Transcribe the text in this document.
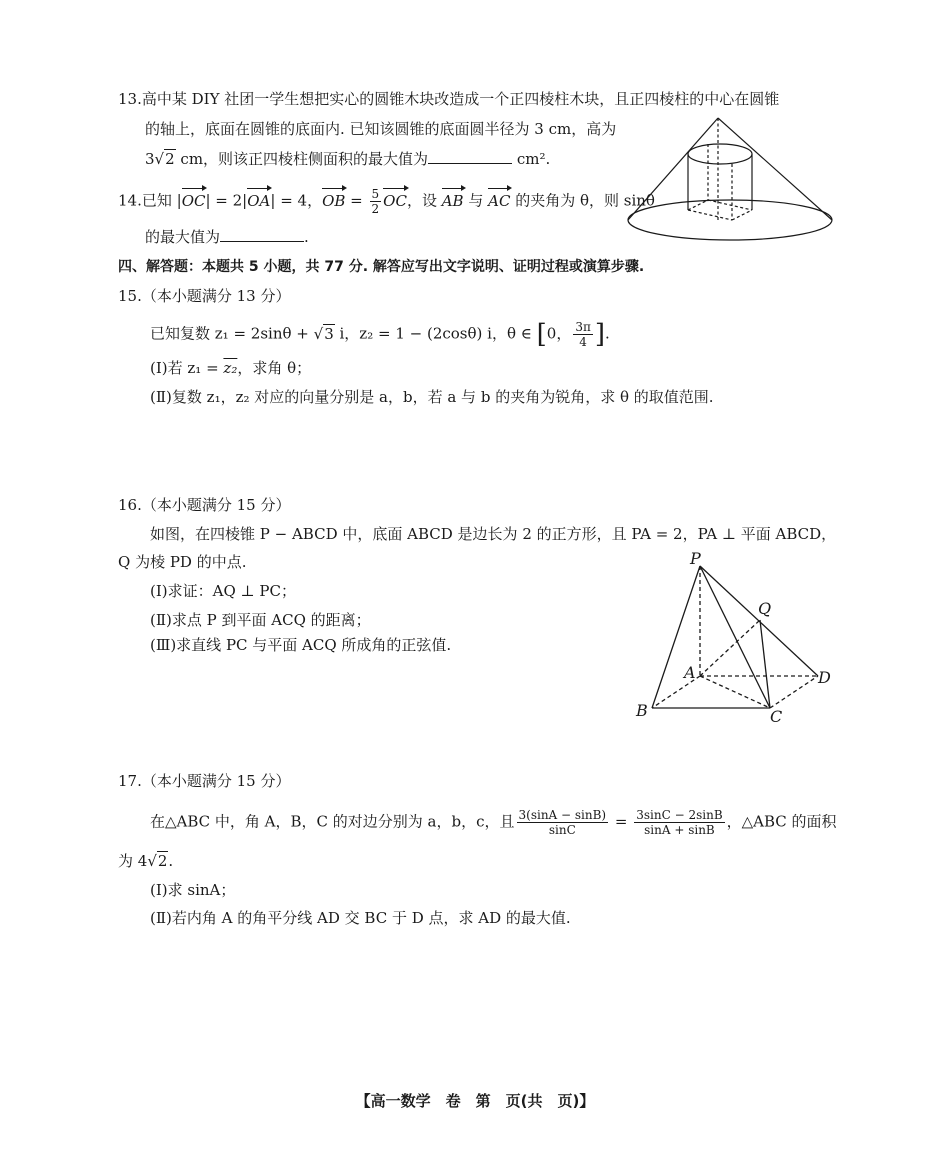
13.高中某 DIY 社团一学生想把实心的圆锥木块改造成一个正四棱柱木块，且正四棱柱的中心在圆锥
的轴上，底面在圆锥的底面内. 已知该圆锥的底面圆半径为 3 cm，高为
3√2 cm，则该正四棱柱侧面积的最大值为	cm².
14.已知 |OC| = 2|OA| = 4，OB = $\frac{5}{2}$ OC，设 AB 与 AC 的夹角为 θ，则 sinθ
的最大值为	.
四、解答题：本题共 5 小题，共 77 分. 解答应写出文字说明、证明过程或演算步骤.
15.（本小题满分 13 分）
已知复数 z₁ = 2sinθ + √3 i，z₂ = 1 − (2cosθ) i，θ ∈ [0， $\frac{3\pi}{4}$ ].
(Ⅰ)若 z₁ = z₂，求角 θ；
(Ⅱ)复数 z₁，z₂ 对应的向量分别是 a，b，若 a 与 b 的夹角为锐角，求 θ 的取值范围.
16.（本小题满分 15 分）
如图，在四棱锥 P − ABCD 中，底面 ABCD 是边长为 2 的正方形，且 PA = 2，PA ⊥ 平面 ABCD，
Q 为棱 PD 的中点.
(Ⅰ)求证：AQ ⊥ PC；
(Ⅱ)求点 P 到平面 ACQ 的距离；
(Ⅲ)求直线 PC 与平面 ACQ 所成角的正弦值.
P
Q
A
B	C
D
17.（本小题满分 15 分）
在△ABC 中，角 A，B，C 的对边分别为 a，b，c，且 $\frac{3(\sin A - \sin B)}{\sin C} = \frac{3\sin C - 2\sin B}{\sin A + \sin B}$ ，△ABC 的面积
为 4√2.
(Ⅰ)求 sinA；
(Ⅱ)若内角 A 的角平分线 AD 交 BC 于 D 点，求 AD 的最大值.
【高一数学　卷　第　页(共　页)】
